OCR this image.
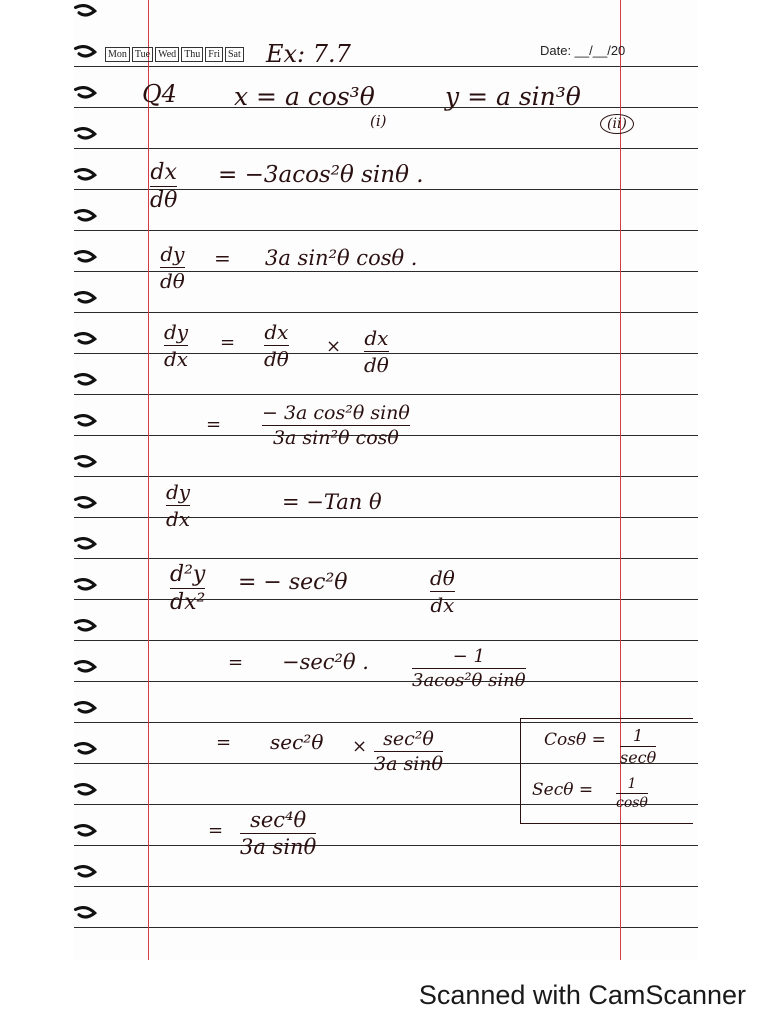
Mon Tue Wed Thu Fri Sat Ex: 7.7	Date: __/__/20
Q4 x = a cos³θ
(i)
y = a sin³θ
(ii)
dx
dθ
= −3acos²θ sinθ .
dy
dθ
= 3a sin²θ cosθ .
dy
dx
= dx
dθ
× dx
dθ
=
− 3a cos²θ sinθ
3a sin²θ cosθ
dy
dx
= −Tan θ
d²y
dx²
= − sec²θ	dθ
dx
= −sec²θ .	− 1
3acos²θ sinθ
= sec²θ × sec²θ
3a sinθ
= sec⁴θ
3a sinθ
Cosθ = 1
secθ
Secθ = 1
cosθ
Scanned with CamScanner
